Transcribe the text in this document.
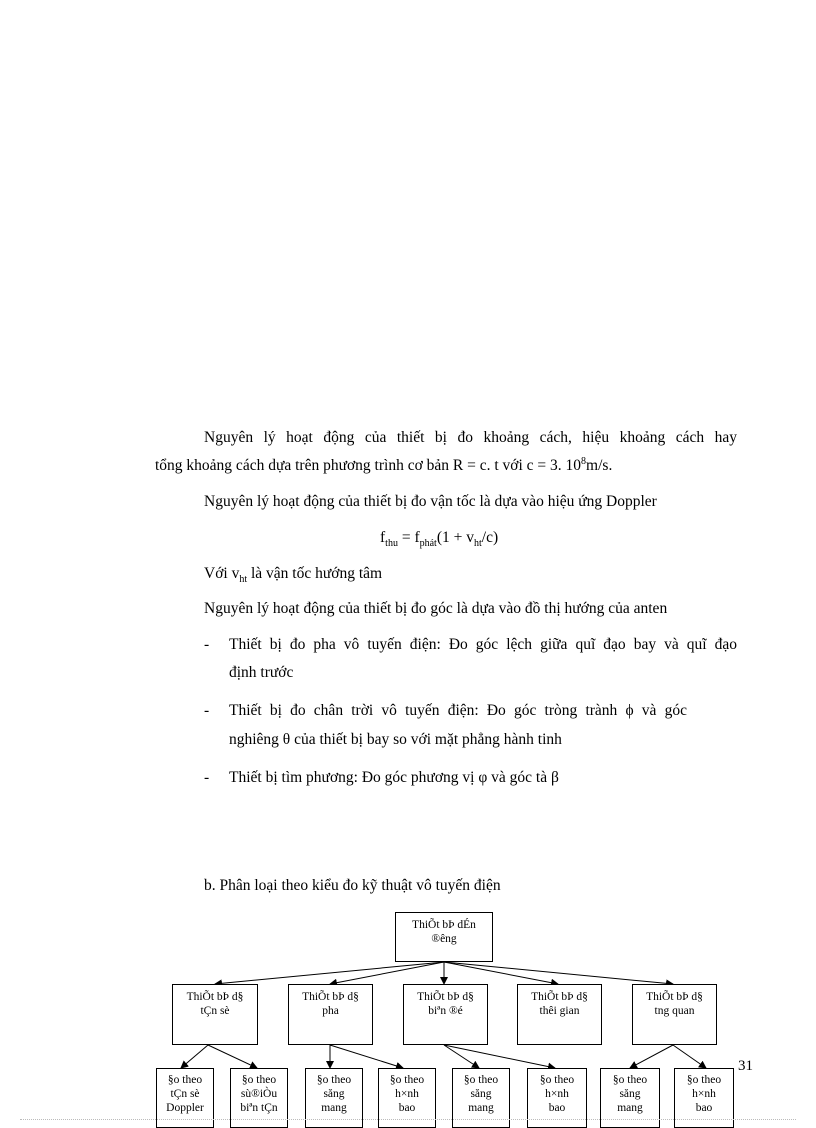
Nguyên lý hoạt động của thiết bị đo khoảng cách, hiệu khoảng cách hay
tổng khoảng cách dựa trên phương trình cơ bản R = c. t với c = 3. $10^8m/s$.
Nguyên lý hoạt động của thiết bị đo vận tốc là dựa vào hiệu ứng Doppler
$f_{thu} = f_{phát}(1 + v_{ht}/c)$
Với $v_{ht}$ là vận tốc hướng tâm
Nguyên lý hoạt động của thiết bị đo góc là dựa vào đồ thị hướng của anten
- Thiết bị đo pha vô tuyến điện: Đo góc lệch giữa quĩ đạo bay và quĩ đạo
định trước
- Thiết bị đo chân trời vô tuyến điện: Đo góc tròng trành ϕ và góc
nghiêng θ của thiết bị bay so với mặt phẳng hành tinh
- Thiết bị tìm phương: Đo góc phương vị φ và góc tà β
b. Phân loại theo kiểu đo kỹ thuật vô tuyến điện
ThiÕt bÞ dÉn
®êng
ThiÕt bÞ d§
tÇn sè
ThiÕt bÞ d§
pha
ThiÕt bÞ d§
biªn ®é
ThiÕt bÞ d§
thêi gian
ThiÕt bÞ d§
tng quan
§o theo
tÇn sè
Doppler
§o theo
sù®iÒu
biªn tÇn
§o theo
săng
mang
§o theo
h×nh
bao
§o theo
săng
mang
§o theo
h×nh
bao
§o theo
săng
mang
§o theo
h×nh
bao
31
